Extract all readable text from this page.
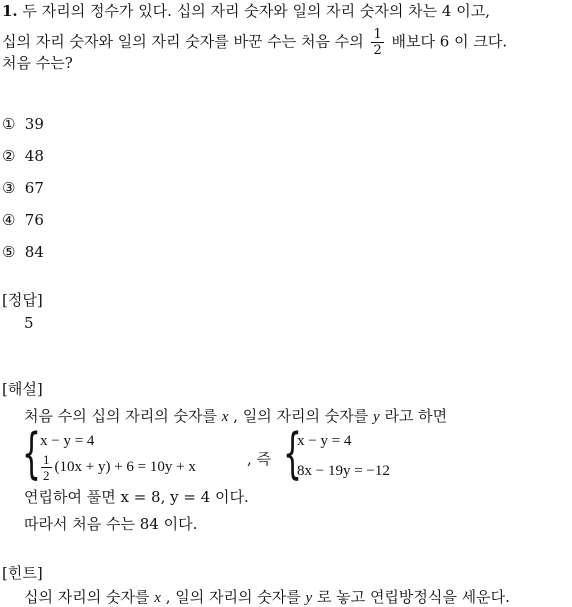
1. 두 자리의 정수가 있다. 십의 자리 숫자와 일의 자리 숫자의 차는 4 이고,
십의 자리 숫자와 일의 자리 숫자를 바꾼 수는 처음 수의 $\frac{1}{2}$ 배보다 6 이 크다.
처음 수는?
① 39
② 48
③ 67
④ 76
⑤ 84
[정답]
5
[해설]
처음 수의 십의 자리의 숫자를 x , 일의 자리의 숫자를 y 라고 하면
{ x − y = 4
$\frac{1}{2} (10x + y) + 6 = 10y + x$	, 즉 {
x − y = 4
8x − 19y = −12
연립하여 풀면 x = 8, y = 4 이다.
따라서 처음 수는 84 이다.
[힌트]
십의 자리의 숫자를 x , 일의 자리의 숫자를 y 로 놓고 연립방정식을 세운다.
